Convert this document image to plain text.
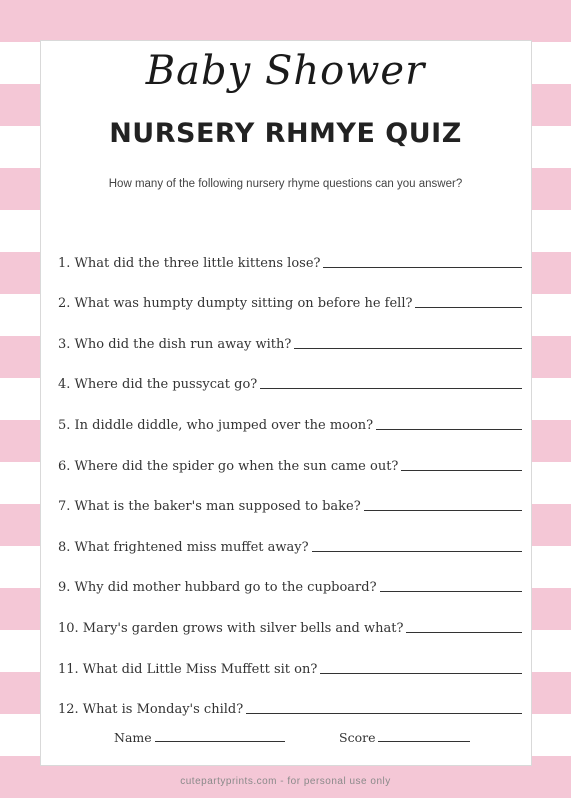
Baby Shower
NURSERY RHMYE QUIZ
How many of the following nursery rhyme questions can you answer?
1. What did the three little kittens lose?
2. What was humpty dumpty sitting on before he fell?
3. Who did the dish run away with?
4. Where did the pussycat go?
5. In diddle diddle, who jumped over the moon?
6. Where did the spider go when the sun came out?
7. What is the baker's man supposed to bake?
8. What frightened miss muffet away?
9. Why did mother hubbard go to the cupboard?
10. Mary's garden grows with silver bells and what?
11. What did Little Miss Muffett sit on?
12. What is Monday's child?
Name	Score
cutepartyprints.com - for personal use only
